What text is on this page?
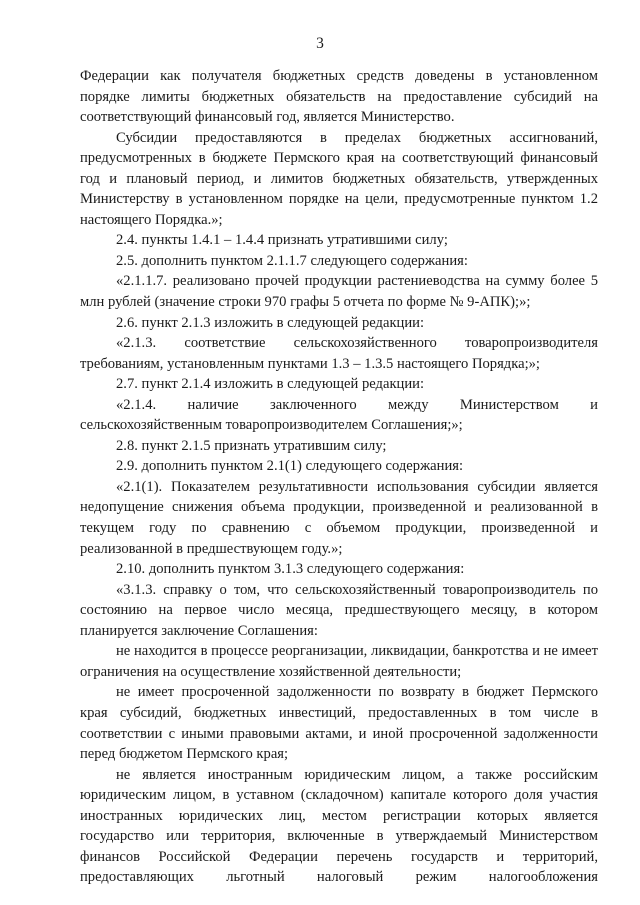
3

Федерации как получателя бюджетных средств доведены в установленном порядке лимиты бюджетных обязательств на предоставление субсидий на соответствующий финансовый год, является Министерство.

Субсидии предоставляются в пределах бюджетных ассигнований, предусмотренных в бюджете Пермского края на соответствующий финансовый год и плановый период, и лимитов бюджетных обязательств, утвержденных Министерству в установленном порядке на цели, предусмотренные пунктом 1.2 настоящего Порядка.»;

2.4. пункты 1.4.1 – 1.4.4 признать утратившими силу;

2.5. дополнить пунктом 2.1.1.7 следующего содержания:

«2.1.1.7. реализовано прочей продукции растениеводства на сумму более 5 млн рублей (значение строки 970 графы 5 отчета по форме № 9-АПК);»;

2.6. пункт 2.1.3 изложить в следующей редакции:

«2.1.3. соответствие сельскохозяйственного товаропроизводителя требованиям, установленным пунктами 1.3 – 1.3.5 настоящего Порядка;»;

2.7. пункт 2.1.4 изложить в следующей редакции:

«2.1.4. наличие заключенного между Министерством и сельскохозяйственным товаропроизводителем Соглашения;»;

2.8. пункт 2.1.5 признать утратившим силу;

2.9. дополнить пунктом 2.1(1) следующего содержания:

«2.1(1). Показателем результативности использования субсидии является недопущение снижения объема продукции, произведенной и реализованной в текущем году по сравнению с объемом продукции, произведенной и реализованной в предшествующем году.»;

2.10. дополнить пунктом 3.1.3 следующего содержания:

«3.1.3. справку о том, что сельскохозяйственный товаропроизводитель по состоянию на первое число месяца, предшествующего месяцу, в котором планируется заключение Соглашения:

не находится в процессе реорганизации, ликвидации, банкротства и не имеет ограничения на осуществление хозяйственной деятельности;

не имеет просроченной задолженности по возврату в бюджет Пермского края субсидий, бюджетных инвестиций, предоставленных в том числе в соответствии с иными правовыми актами, и иной просроченной задолженности перед бюджетом Пермского края;

не является иностранным юридическим лицом, а также российским юридическим лицом, в уставном (складочном) капитале которого доля участия иностранных юридических лиц, местом регистрации которых является государство или территория, включенные в утверждаемый Министерством финансов Российской Федерации перечень государств и территорий, предоставляющих льготный налоговый режим налогообложения
